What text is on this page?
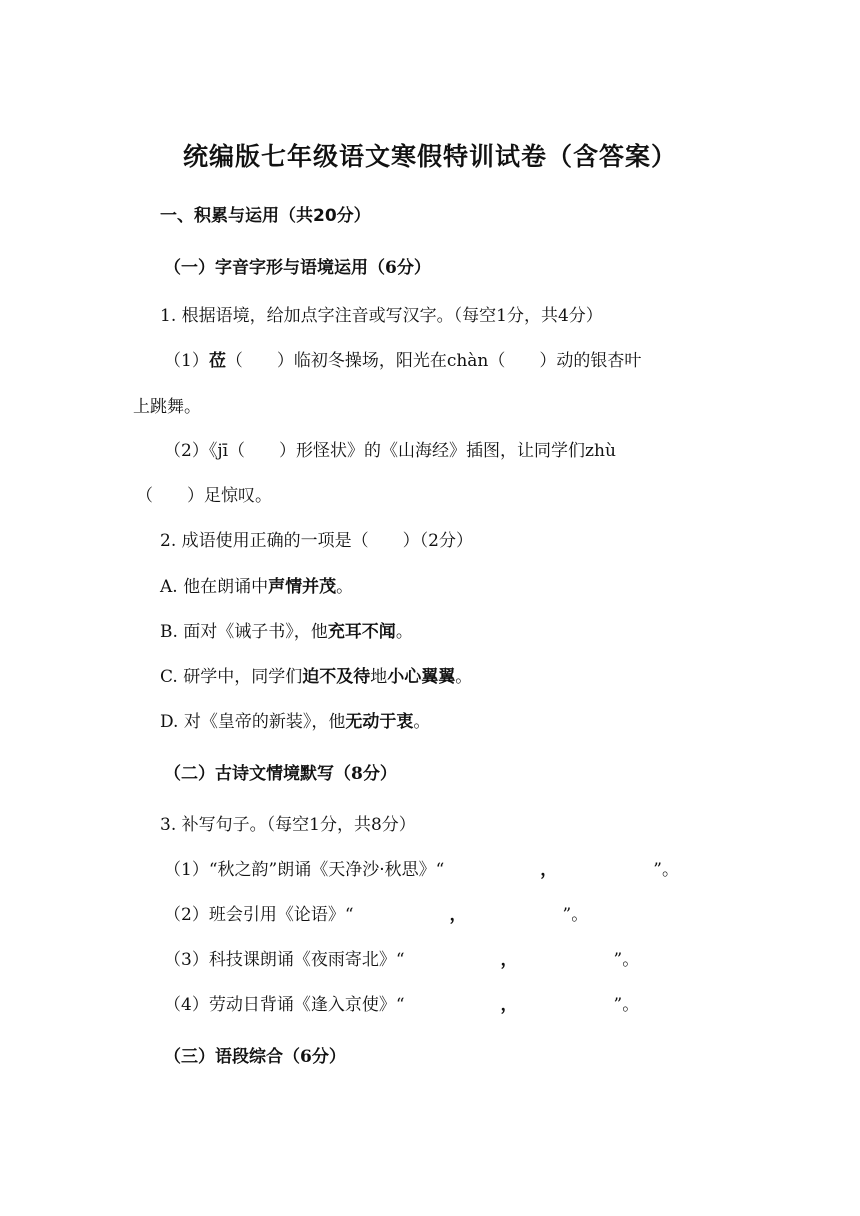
统编版七年级语文寒假特训试卷（含答案）
一、积累与运用（共20分）
（一）字音字形与语境运用（6分）
1. 根据语境，给加点字注音或写汉字。（每空1分，共4分）
（1）莅（　　）临初冬操场，阳光在chàn（　　）动的银杏叶
上跳舞。
（2）《jī（　　）形怪状》的《山海经》插图，让同学们zhù
（　　）足惊叹。
2. 成语使用正确的一项是（　　）（2分）
A. 他在朗诵中声情并茂。
B. 面对《诫子书》，他充耳不闻。
C. 研学中，同学们迫不及待地小心翼翼。
D. 对《皇帝的新装》，他无动于衷。
（二）古诗文情境默写（8分）
3. 补写句子。（每空1分，共8分）
（1）“秋之韵”朗诵《天净沙·秋思》“	，	”。
（2）班会引用《论语》“	，	”。
（3）科技课朗诵《夜雨寄北》“	，	”。
（4）劳动日背诵《逢入京使》“	，	”。
（三）语段综合（6分）
